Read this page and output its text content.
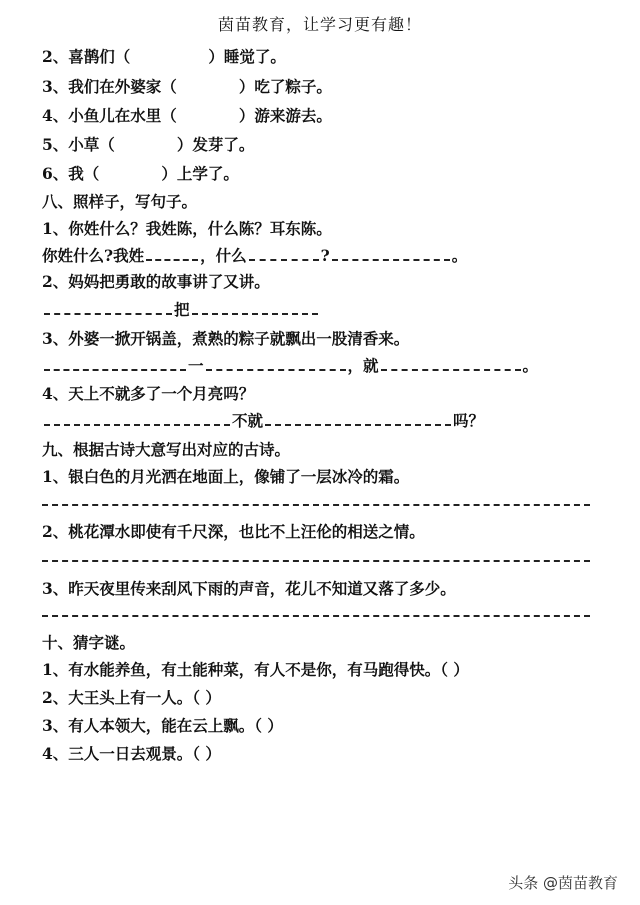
茵苗教育，让学习更有趣！
2、喜鹊们（	）睡觉了。
3、我们在外婆家（	）吃了粽子。
4、小鱼儿在水里（	）游来游去。
5、小草（	）发芽了。
6、我（	）上学了。
八、照样子，写句子。
1、你姓什么？我姓陈，什么陈？耳东陈。
你姓什么?我姓	，什么	?	。
2、妈妈把勇敢的故事讲了又讲。
把
3、外婆一掀开锅盖，煮熟的粽子就飘出一股清香来。
一	，就	。
4、天上不就多了一个月亮吗？
不就	吗？
九、根据古诗大意写出对应的古诗。
1、银白色的月光洒在地面上，像铺了一层冰冷的霜。
2、桃花潭水即使有千尺深，也比不上汪伦的相送之情。
3、昨天夜里传来刮风下雨的声音，花儿不知道又落了多少。
十、猜字谜。
1、有水能养鱼，有土能种菜，有人不是你，有马跑得快。（ ）
2、大王头上有一人。（ ）
3、有人本领大，能在云上飘。（ ）
4、三人一日去观景。（ ）
头条 @茵苗教育
